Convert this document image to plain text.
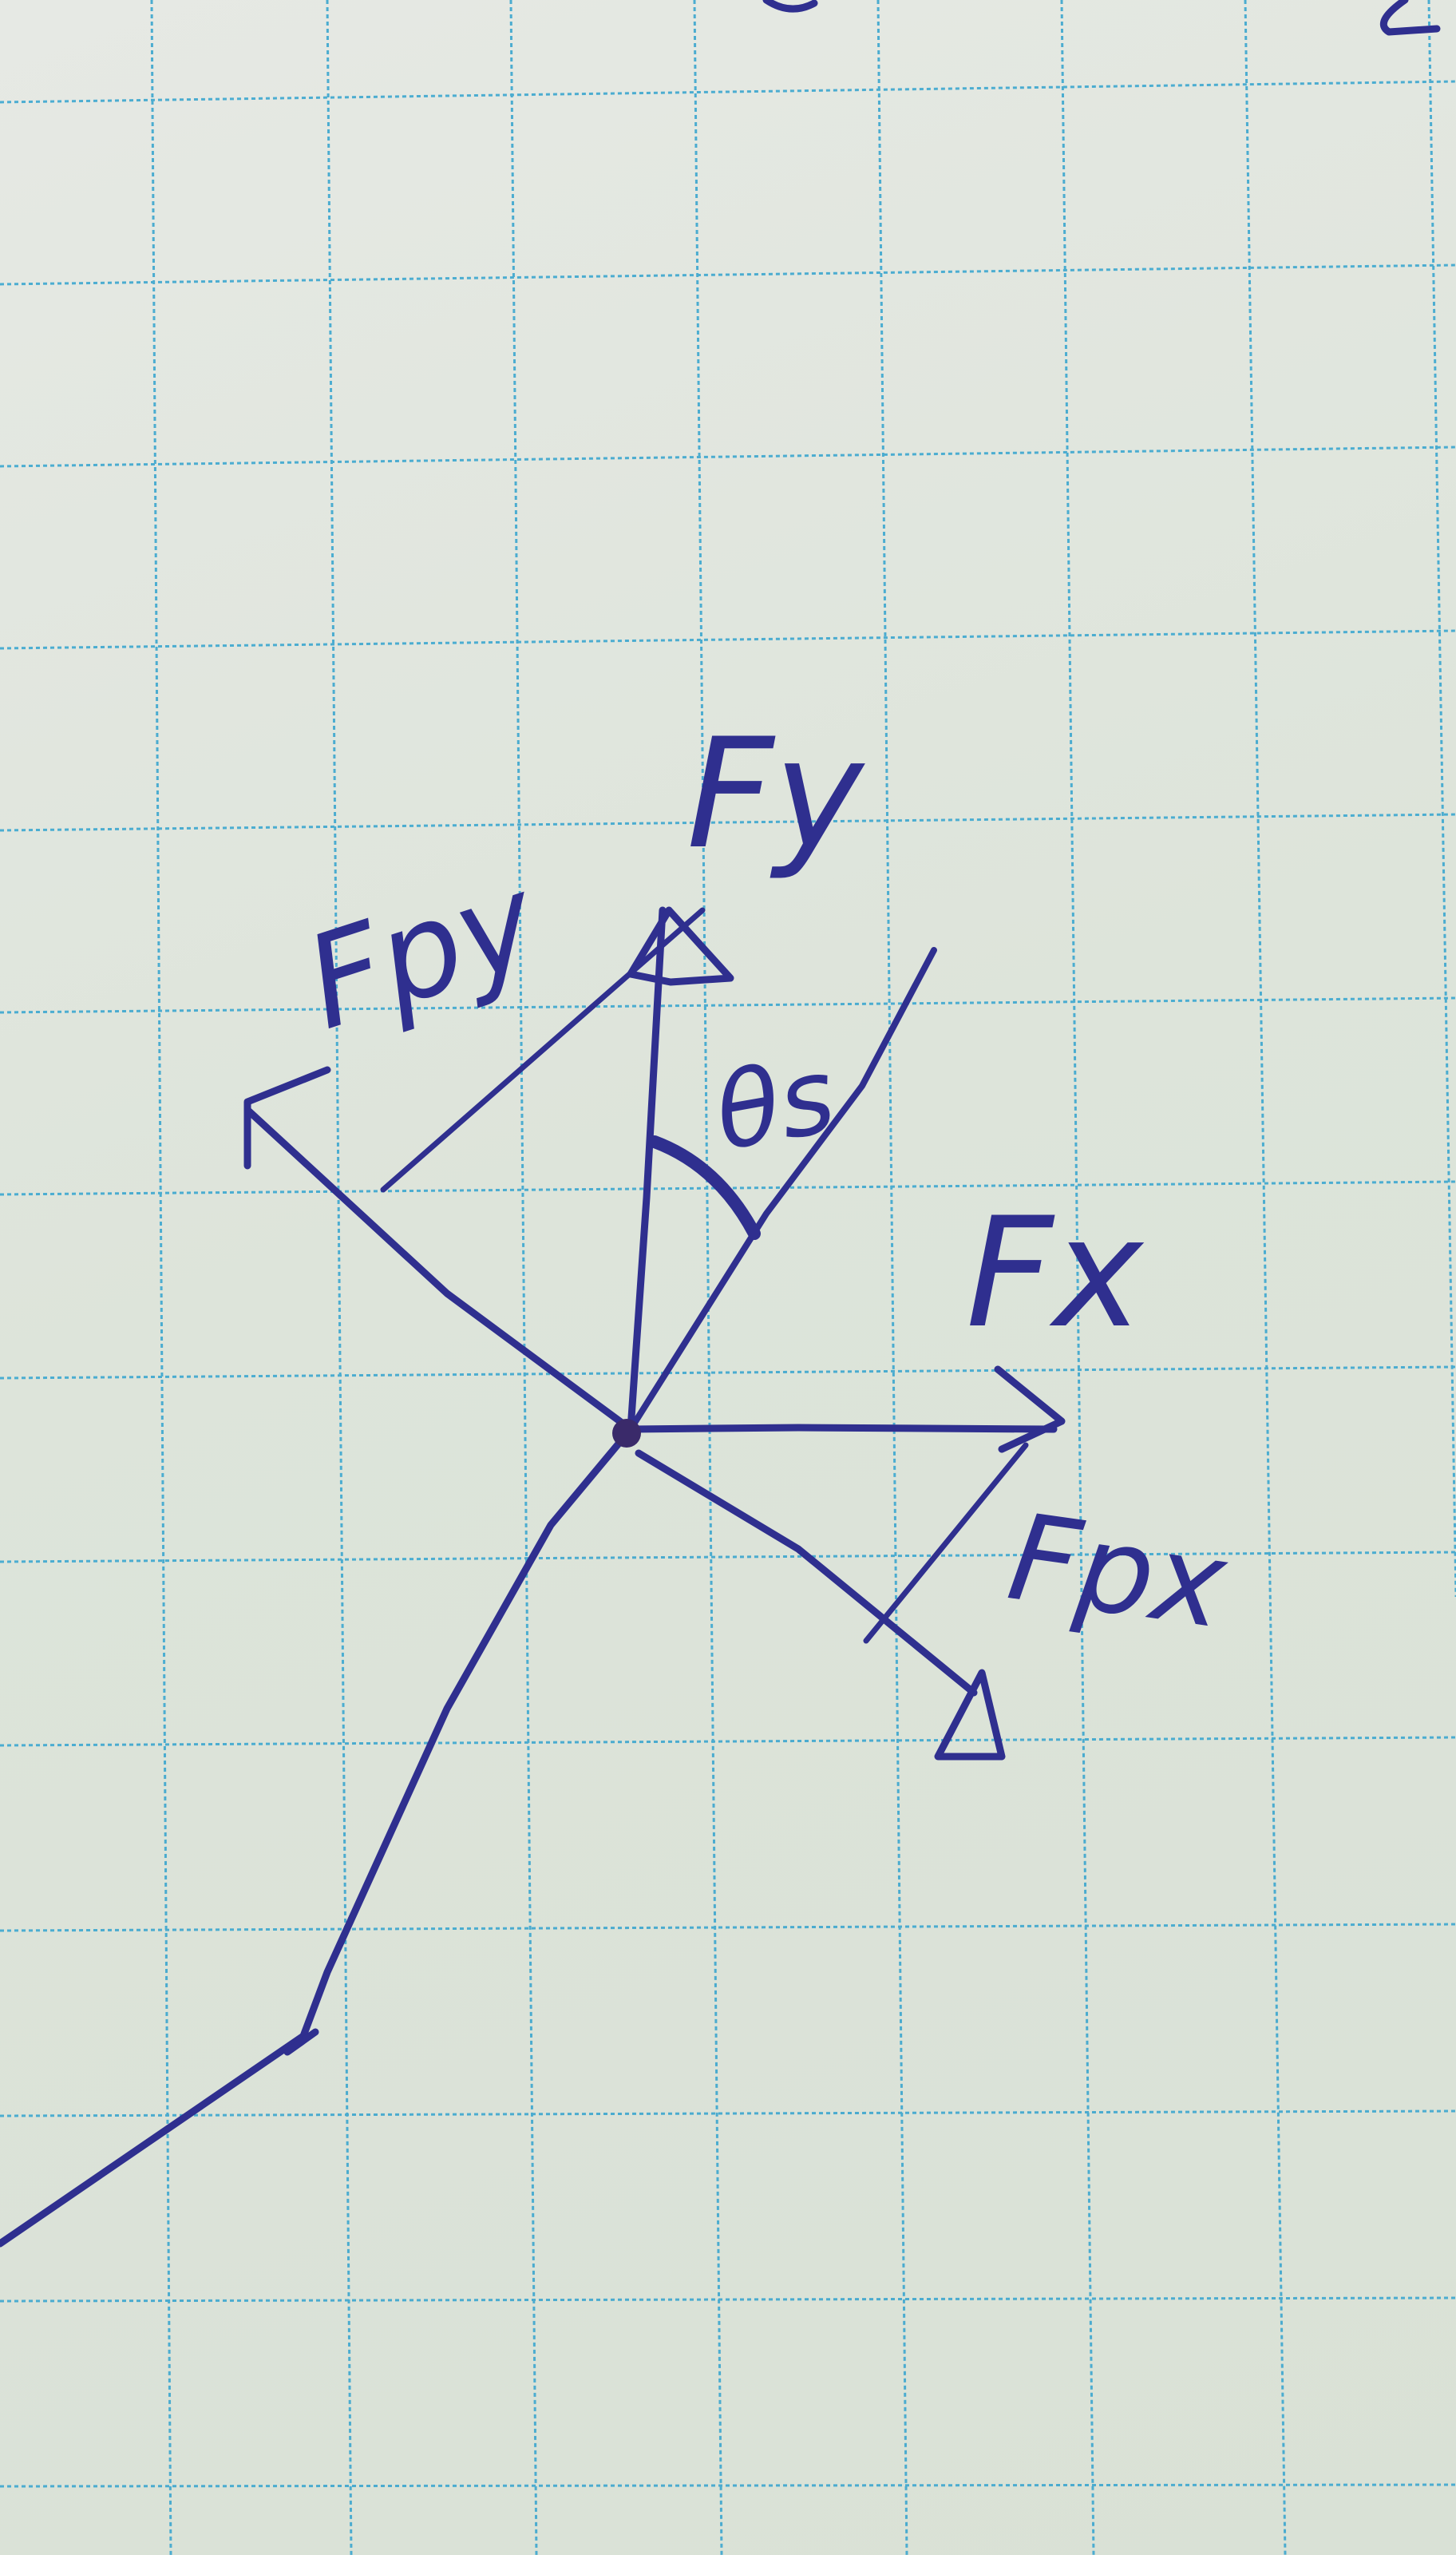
Fy
Fpy
θs
Fx
Fpx
